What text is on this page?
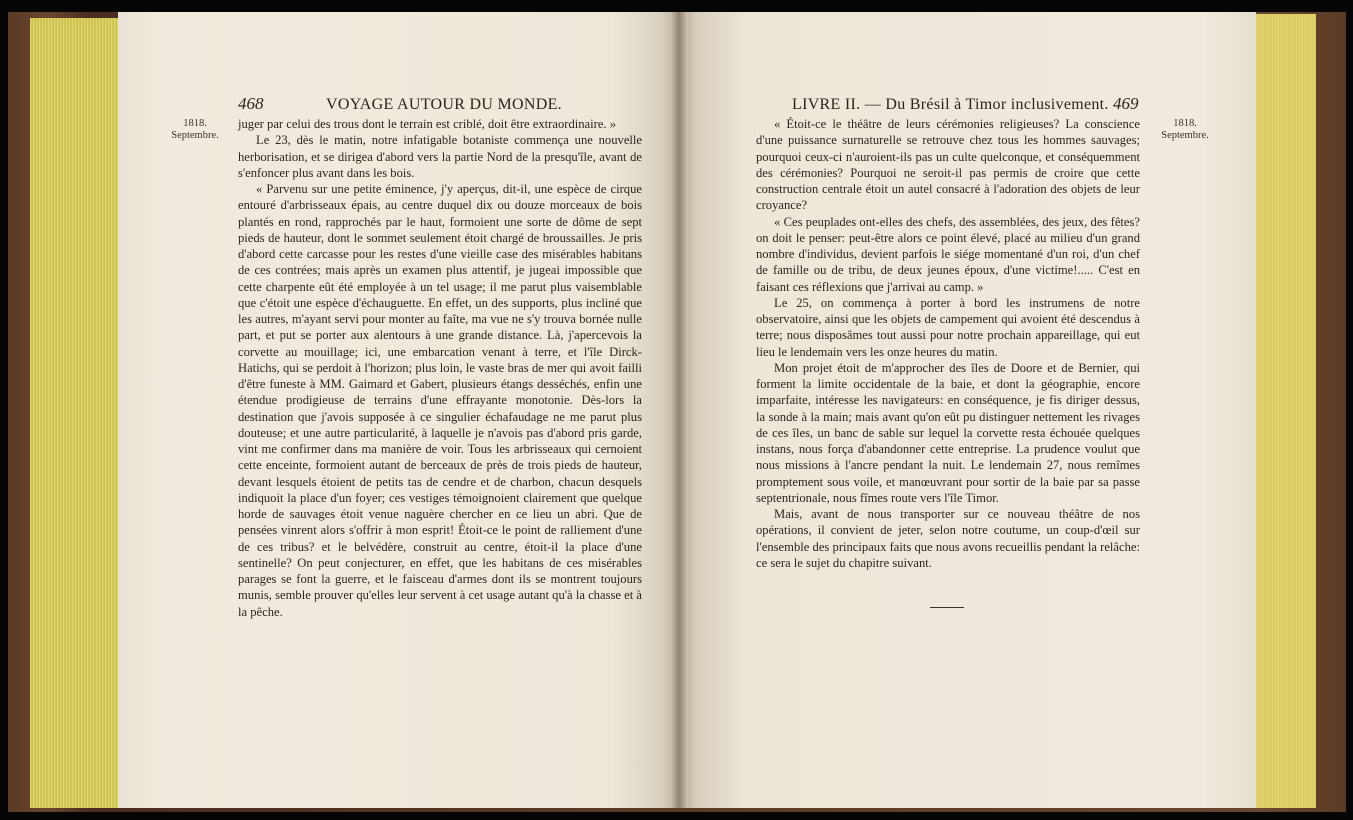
468	VOYAGE AUTOUR DU MONDE.
1818.
Septembre.

juger par celui des trous dont le terrain est criblé, doit être extraordinaire. »

Le 23, dès le matin, notre infatigable botaniste commença une nouvelle herborisation, et se dirigea d'abord vers la partie Nord de la presqu'île, avant de s'enfoncer plus avant dans les bois.

« Parvenu sur une petite éminence, j'y aperçus, dit-il, une espèce de cirque entouré d'arbrisseaux épais, au centre duquel dix ou douze morceaux de bois plantés en rond, rapprochés par le haut, formoient une sorte de dôme de sept pieds de hauteur, dont le sommet seulement étoit chargé de broussailles. Je pris d'abord cette carcasse pour les restes d'une vieille case des misérables habitans de ces contrées; mais après un examen plus attentif, je jugeai impossible que cette charpente eût été employée à un tel usage; il me parut plus vaisemblable que c'étoit une espèce d'échauguette. En effet, un des supports, plus incliné que les autres, m'ayant servi pour monter au faîte, ma vue ne s'y trouva bornée nulle part, et put se porter aux alentours à une grande distance. Là, j'apercevois la corvette au mouillage; ici, une embarcation venant à terre, et l'île Dirck-Hatichs, qui se perdoit à l'horizon; plus loin, le vaste bras de mer qui avoit failli d'être funeste à MM. Gaimard et Gabert, plusieurs étangs desséchés, enfin une étendue prodigieuse de terrains d'une effrayante monotonie. Dès-lors la destination que j'avois supposée à ce singulier échafaudage ne me parut plus douteuse; et une autre particularité, à laquelle je n'avois pas d'abord pris garde, vint me confirmer dans ma manière de voir. Tous les arbrisseaux qui cernoient cette enceinte, formoient autant de berceaux de près de trois pieds de hauteur, devant lesquels étoient de petits tas de cendre et de charbon, chacun desquels indiquoit la place d'un foyer; ces vestiges témoignoient clairement que quelque horde de sauvages étoit venue naguère chercher en ce lieu un abri. Que de pensées vinrent alors s'offrir à mon esprit! Étoit-ce le point de ralliement d'une de ces tribus? et le belvédère, construit au centre, étoit-il la place d'une sentinelle? On peut conjecturer, en effet, que les habitans de ces misérables parages se font la guerre, et le faisceau d'armes dont ils se montrent toujours munis, semble prouver qu'elles leur servent à cet usage autant qu'à la chasse et à la pêche.

LIVRE II. — Du Brésil à Timor inclusivement. 469
1818.
Septembre.

« Étoit-ce le théâtre de leurs cérémonies religieuses? La conscience d'une puissance surnaturelle se retrouve chez tous les hommes sauvages; pourquoi ceux-ci n'auroient-ils pas un culte quelconque, et conséquemment des cérémonies? Pourquoi ne seroit-il pas permis de croire que cette construction centrale étoit un autel consacré à l'adoration des objets de leur croyance?

« Ces peuplades ont-elles des chefs, des assemblées, des jeux, des fêtes? on doit le penser: peut-être alors ce point élevé, placé au milieu d'un grand nombre d'individus, devient parfois le siége momentané d'un roi, d'un chef de famille ou de tribu, de deux jeunes époux, d'une victime!..... C'est en faisant ces réflexions que j'arrivai au camp. »

Le 25, on commença à porter à bord les instrumens de notre observatoire, ainsi que les objets de campement qui avoient été descendus à terre; nous disposâmes tout aussi pour notre prochain appareillage, qui eut lieu le lendemain vers les onze heures du matin.

Mon projet étoit de m'approcher des îles de Doore et de Bernier, qui forment la limite occidentale de la baie, et dont la géographie, encore imparfaite, intéresse les navigateurs: en conséquence, je fis diriger dessus, la sonde à la main; mais avant qu'on eût pu distinguer nettement les rivages de ces îles, un banc de sable sur lequel la corvette resta échouée quelques instans, nous força d'abandonner cette entreprise. La prudence voulut que nous missions à l'ancre pendant la nuit. Le lendemain 27, nous remîmes promptement sous voile, et manœuvrant pour sortir de la baie par sa passe septentrionale, nous fîmes route vers l'île Timor.

Mais, avant de nous transporter sur ce nouveau théâtre de nos opérations, il convient de jeter, selon notre coutume, un coup-d'œil sur l'ensemble des principaux faits que nous avons recueillis pendant la relâche: ce sera le sujet du chapitre suivant.
